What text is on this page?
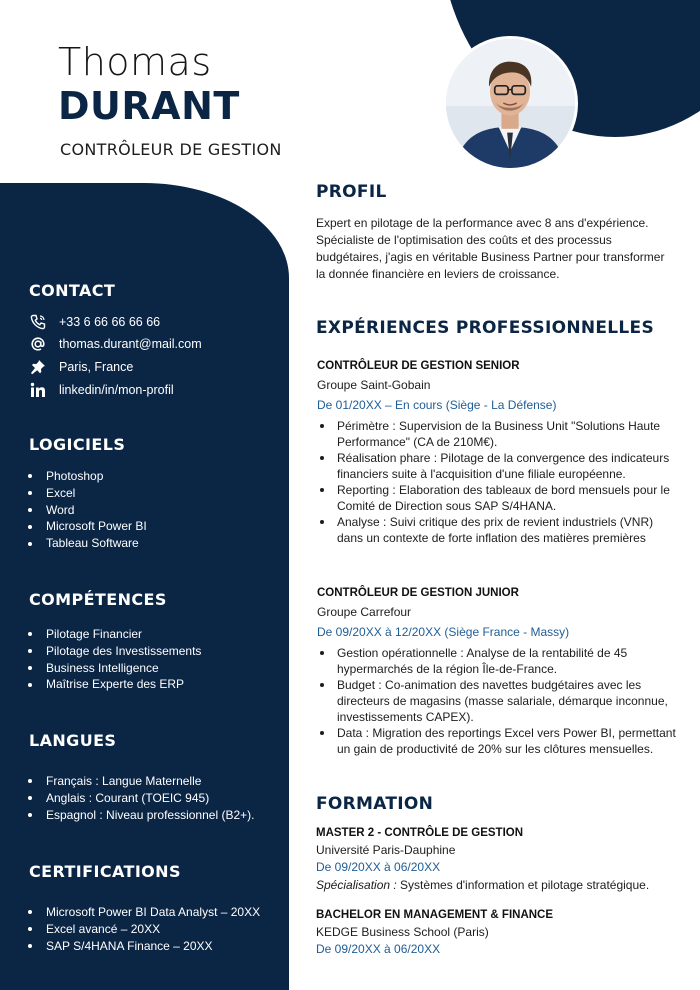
Thomas
DURANT
CONTRÔLEUR DE GESTION
CONTACT
+33 6 66 66 66 66
thomas.durant@mail.com
Paris, France
linkedin/in/mon-profil
LOGICIELS
Photoshop
Excel
Word
Microsoft Power BI
Tableau Software
COMPÉTENCES
Pilotage Financier
Pilotage des Investissements
Business Intelligence
Maîtrise Experte des ERP
LANGUES
Français : Langue Maternelle
Anglais : Courant (TOEIC 945)
Espagnol : Niveau professionnel (B2+).
CERTIFICATIONS
Microsoft Power BI Data Analyst – 20XX
Excel avancé – 20XX
SAP S/4HANA Finance – 20XX
PROFIL
Expert en pilotage de la performance avec 8 ans d'expérience. Spécialiste de l'optimisation des coûts et des processus budgétaires, j'agis en véritable Business Partner pour transformer la donnée financière en leviers de croissance.
EXPÉRIENCES PROFESSIONNELLES
CONTRÔLEUR DE GESTION SENIOR
Groupe Saint-Gobain
De 01/20XX – En cours (Siège - La Défense)
Périmètre : Supervision de la Business Unit "Solutions Haute Performance" (CA de 210M€).
Réalisation phare : Pilotage de la convergence des indicateurs financiers suite à l'acquisition d'une filiale européenne.
Reporting : Elaboration des tableaux de bord mensuels pour le Comité de Direction sous SAP S/4HANA.
Analyse : Suivi critique des prix de revient industriels (VNR) dans un contexte de forte inflation des matières premières
CONTRÔLEUR DE GESTION JUNIOR
Groupe Carrefour
De 09/20XX à 12/20XX (Siège France - Massy)
Gestion opérationnelle : Analyse de la rentabilité de 45 hypermarchés de la région Île-de-France.
Budget : Co-animation des navettes budgétaires avec les directeurs de magasins (masse salariale, démarque inconnue, investissements CAPEX).
Data : Migration des reportings Excel vers Power BI, permettant un gain de productivité de 20% sur les clôtures mensuelles.
FORMATION
MASTER 2 - CONTRÔLE DE GESTION
Université Paris-Dauphine
De 09/20XX à 06/20XX
Spécialisation : Systèmes d'information et pilotage stratégique.
BACHELOR EN MANAGEMENT & FINANCE
KEDGE Business School (Paris)
De 09/20XX à 06/20XX
